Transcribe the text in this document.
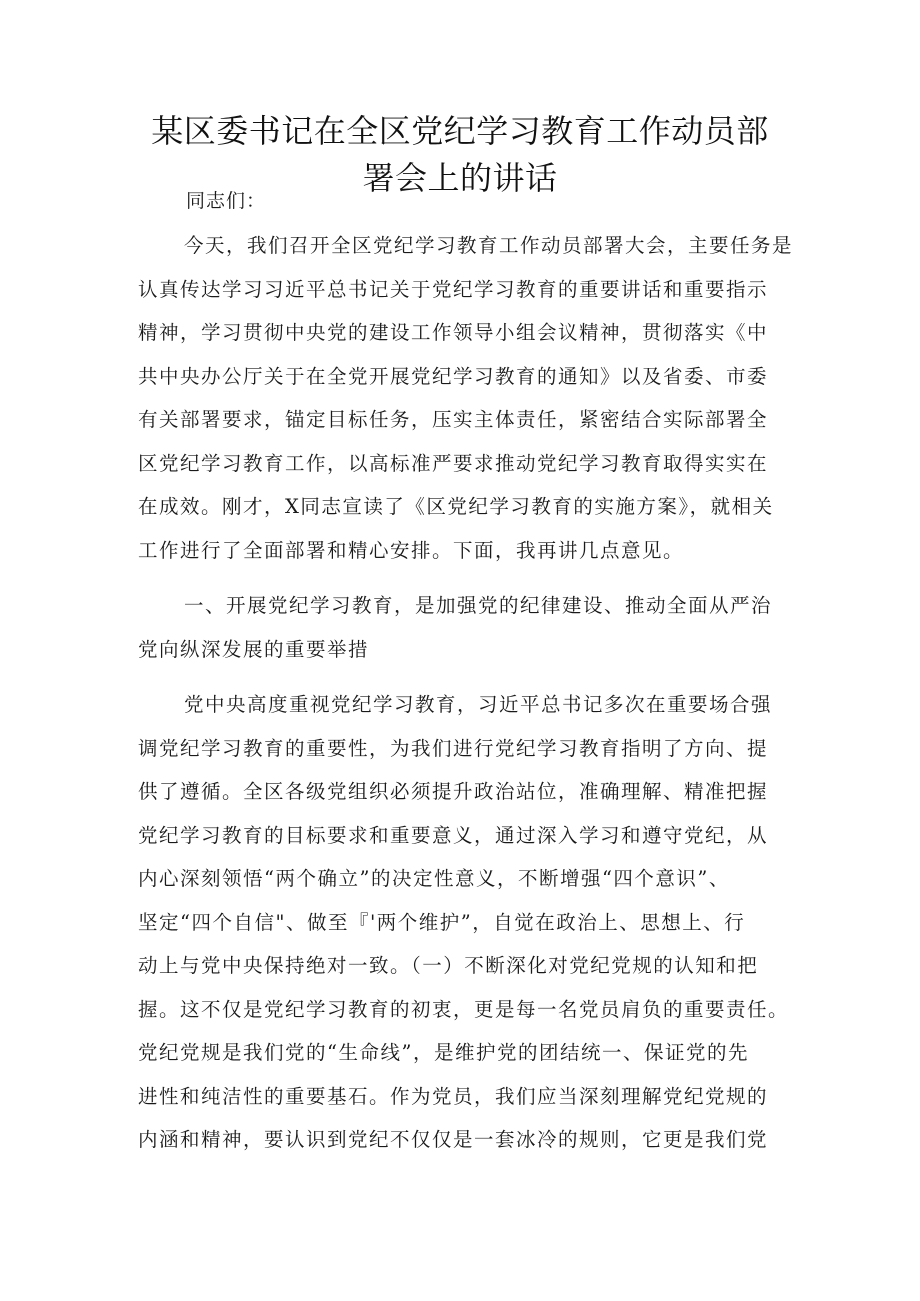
某区委书记在全区党纪学习教育工作动员部
署会上的讲话
同志们：
今天，我们召开全区党纪学习教育工作动员部署大会，主要任务是
认真传达学习习近平总书记关于党纪学习教育的重要讲话和重要指示
精神，学习贯彻中央党的建设工作领导小组会议精神，贯彻落实《中
共中央办公厅关于在全党开展党纪学习教育的通知》以及省委、市委
有关部署要求，锚定目标任务，压实主体责任，紧密结合实际部署全
区党纪学习教育工作，以高标准严要求推动党纪学习教育取得实实在
在成效。刚才，X同志宣读了《区党纪学习教育的实施方案》，就相关
工作进行了全面部署和精心安排。下面，我再讲几点意见。
一、开展党纪学习教育，是加强党的纪律建设、推动全面从严治
党向纵深发展的重要举措
党中央高度重视党纪学习教育，习近平总书记多次在重要场合强
调党纪学习教育的重要性，为我们进行党纪学习教育指明了方向、提
供了遵循。全区各级党组织必须提升政治站位，准确理解、精准把握
党纪学习教育的目标要求和重要意义，通过深入学习和遵守党纪，从
内心深刻领悟“两个确立”的决定性意义，不断增强“四个意识”、
坚定“四个自信"、做至『'两个维护”，自觉在政治上、思想上、行
动上与党中央保持绝对一致。（一）不断深化对党纪党规的认知和把
握。这不仅是党纪学习教育的初衷，更是每一名党员肩负的重要责任。
党纪党规是我们党的“生命线”，是维护党的团结统一、保证党的先
进性和纯洁性的重要基石。作为党员，我们应当深刻理解党纪党规的
内涵和精神，要认识到党纪不仅仅是一套冰冷的规则，它更是我们党
